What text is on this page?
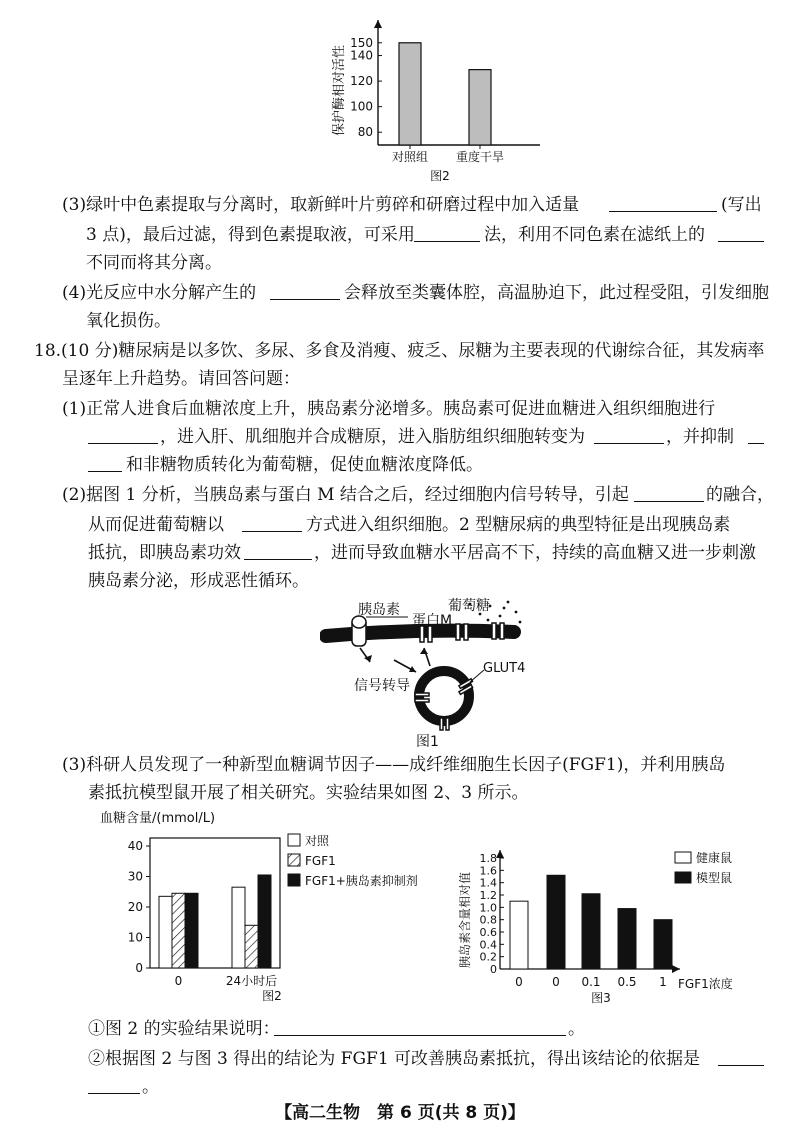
80
100
120
140
150
保护酶相对活性
对照组 重度干旱
图2
(3)绿叶中色素提取与分离时，取新鲜叶片剪碎和研磨过程中加入适量	(写出
3 点)，最后过滤，得到色素提取液，可采用	法，利用不同色素在滤纸上的
不同而将其分离。
(4)光反应中水分解产生的	会释放至类囊体腔，高温胁迫下，此过程受阻，引发细胞
氧化损伤。
18.(10 分)糖尿病是以多饮、多尿、多食及消瘦、疲乏、尿糖为主要表现的代谢综合征，其发病率
呈逐年上升趋势。请回答问题：
(1)正常人进食后血糖浓度上升，胰岛素分泌增多。胰岛素可促进血糖进入组织细胞进行
，进入肝、肌细胞并合成糖原，进入脂肪组织细胞转变为	，并抑制
和非糖物质转化为葡萄糖，促使血糖浓度降低。
(2)据图 1 分析，当胰岛素与蛋白 M 结合之后，经过细胞内信号转导，引起	的融合，
从而促进葡萄糖以	方式进入组织细胞。2 型糖尿病的典型特征是出现胰岛素
抵抗，即胰岛素功效	，进而导致血糖水平居高不下，持续的高血糖又进一步刺激
胰岛素分泌，形成恶性循环。
胰岛素
蛋白M
葡萄糖
GLUT4
信号转导
图1
(3)科研人员发现了一种新型血糖调节因子——成纤维细胞生长因子(FGF1)，并利用胰岛
素抵抗模型鼠开展了相关研究。实验结果如图 2、3 所示。
血糖含量/(mmol/L)
0
10
20
30
40
0	24小时后
对照
FGF1
FGF1+胰岛素抑制剂
图2
0
0.2
0.4
0.6
0.8
1.0
1.2
1.4
1.6
1.8
胰岛素含量相对值
0 0 0.1 0.5 1 FGF1浓度
健康鼠
模型鼠
图3
①图 2 的实验结果说明：	。
②根据图 2 与图 3 得出的结论为 FGF1 可改善胰岛素抵抗，得出该结论的依据是
。
【高二生物　第 6 页(共 8 页)】
